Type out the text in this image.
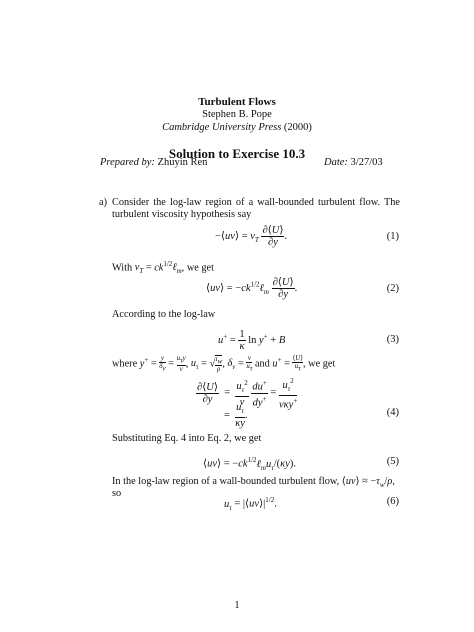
Turbulent Flows
Stephen B. Pope
Cambridge University Press (2000)
Solution to Exercise 10.3
Prepared by: Zhuyin Ren	Date: 3/27/03
a) Consider the log-law region of a wall-bounded turbulent flow. The turbulent viscosity hypothesis say
−⟨uv⟩ = $\nu_T \frac{\partial⟨U⟩}{\partial y}$ .	(1)
With $\nu_T$ = $ck^{1/2}\ell_m$, we get
⟨uv⟩ = $-ck^{1/2}\ell_m \frac{\partial⟨U⟩}{\partial y}$ .	(2)
According to the log-law
$u^+ = \frac{1}{\kappa}$ ln y+ + B	(3)
where $y^+ = \frac{y}{\delta_\nu}$ =
$u_\tau y$
ν , $u_\tau$ = √ $\frac{\tau_w}{\rho}$ , $\delta_\nu = \frac{\nu}{u_\tau}$ and $u^+ = \frac{⟨U⟩}{u_\tau}$ , we get
$\frac{\partial⟨U⟩}{\partial y} = \frac{u_\tau^2}{\nu}$
$\frac{du^+}{dy^+} = \frac{u_\tau^2}{\nu\kappa y^+}$
= $\frac{u_\tau}{\kappa y}$ .	(4)
Substituting Eq. 4 into Eq. 2, we get
⟨uv⟩ = $-ck^{1/2}\ell_mu_\tau/(\kappa y)$.	(5)
In the log-law region of a wall-bounded turbulent flow, ⟨uv⟩ ≈ $-\tau_w/\rho$,
so
$u_\tau$ = $|⟨uv⟩|^{1/2}$.	(6)
1
